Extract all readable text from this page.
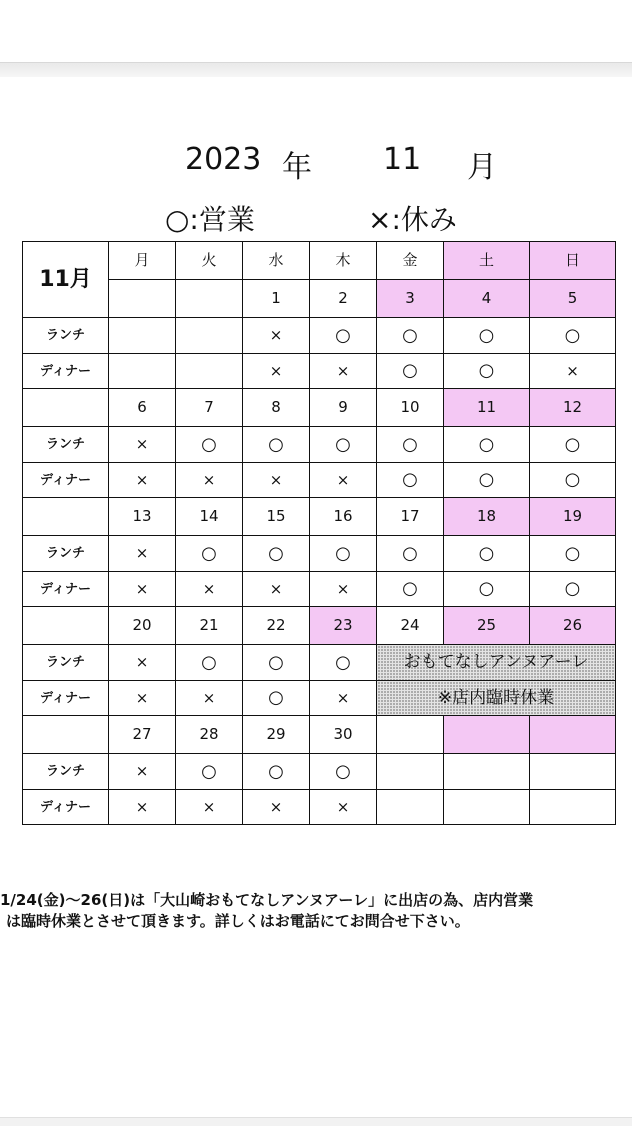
2023 年 11 月
○:営業	×:休み
11月	月	火	水	木	金	土	日
			1	2	3	4	5
ランチ			×	○	○	○	○
ディナー			×	×	○	○	×
	6	7	8	9	10	11	12
ランチ	×	○	○	○	○	○	○
ディナー	×	×	×	×	○	○	○
	13	14	15	16	17	18	19
ランチ	×	○	○	○	○	○	○
ディナー	×	×	×	×	○	○	○
	20	21	22	23	24	25	26
ランチ	×	○	○	○	おもてなしアンヌアーレ		
ディナー	×	×	○	×	※店内臨時休業		
	27	28	29	30			
ランチ	×	○	○	○			
ディナー	×	×	×	×			
1/24(金)～26(日)は「大山崎おもてなしアンヌアーレ」に出店の為、店内営業
は臨時休業とさせて頂きます。詳しくはお電話にてお問合せ下さい。
